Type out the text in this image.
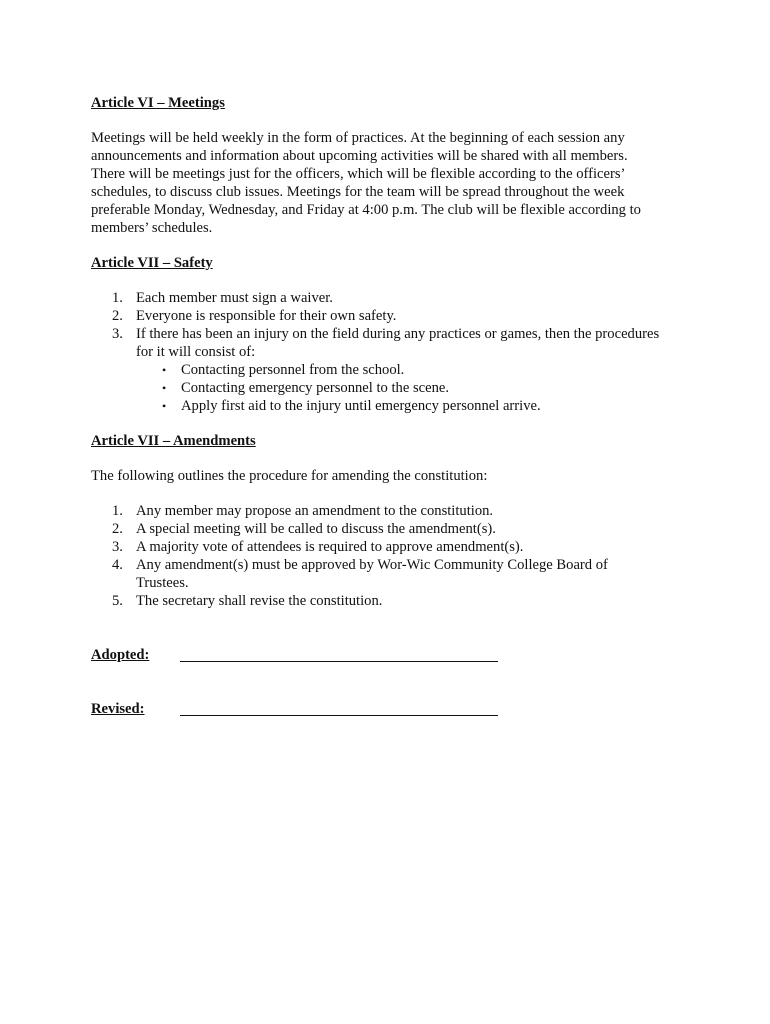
Article VI – Meetings

Meetings will be held weekly in the form of practices. At the beginning of each session any
announcements and information about upcoming activities will be shared with all members.
There will be meetings just for the officers, which will be flexible according to the officers’
schedules, to discuss club issues. Meetings for the team will be spread throughout the week
preferable Monday, Wednesday, and Friday at 4:00 p.m. The club will be flexible according to
members’ schedules.

Article VII – Safety

1. Each member must sign a waiver.
2. Everyone is responsible for their own safety.
3. If there has been an injury on the field during any practices or games, then the procedures
for it will consist of:
• Contacting personnel from the school.
• Contacting emergency personnel to the scene.
• Apply first aid to the injury until emergency personnel arrive.

Article VII – Amendments

The following outlines the procedure for amending the constitution:

1. Any member may propose an amendment to the constitution.
2. A special meeting will be called to discuss the amendment(s).
3. A majority vote of attendees is required to approve amendment(s).
4. Any amendment(s) must be approved by Wor-Wic Community College Board of
Trustees.
5. The secretary shall revise the constitution.
Adopted:
Revised:
